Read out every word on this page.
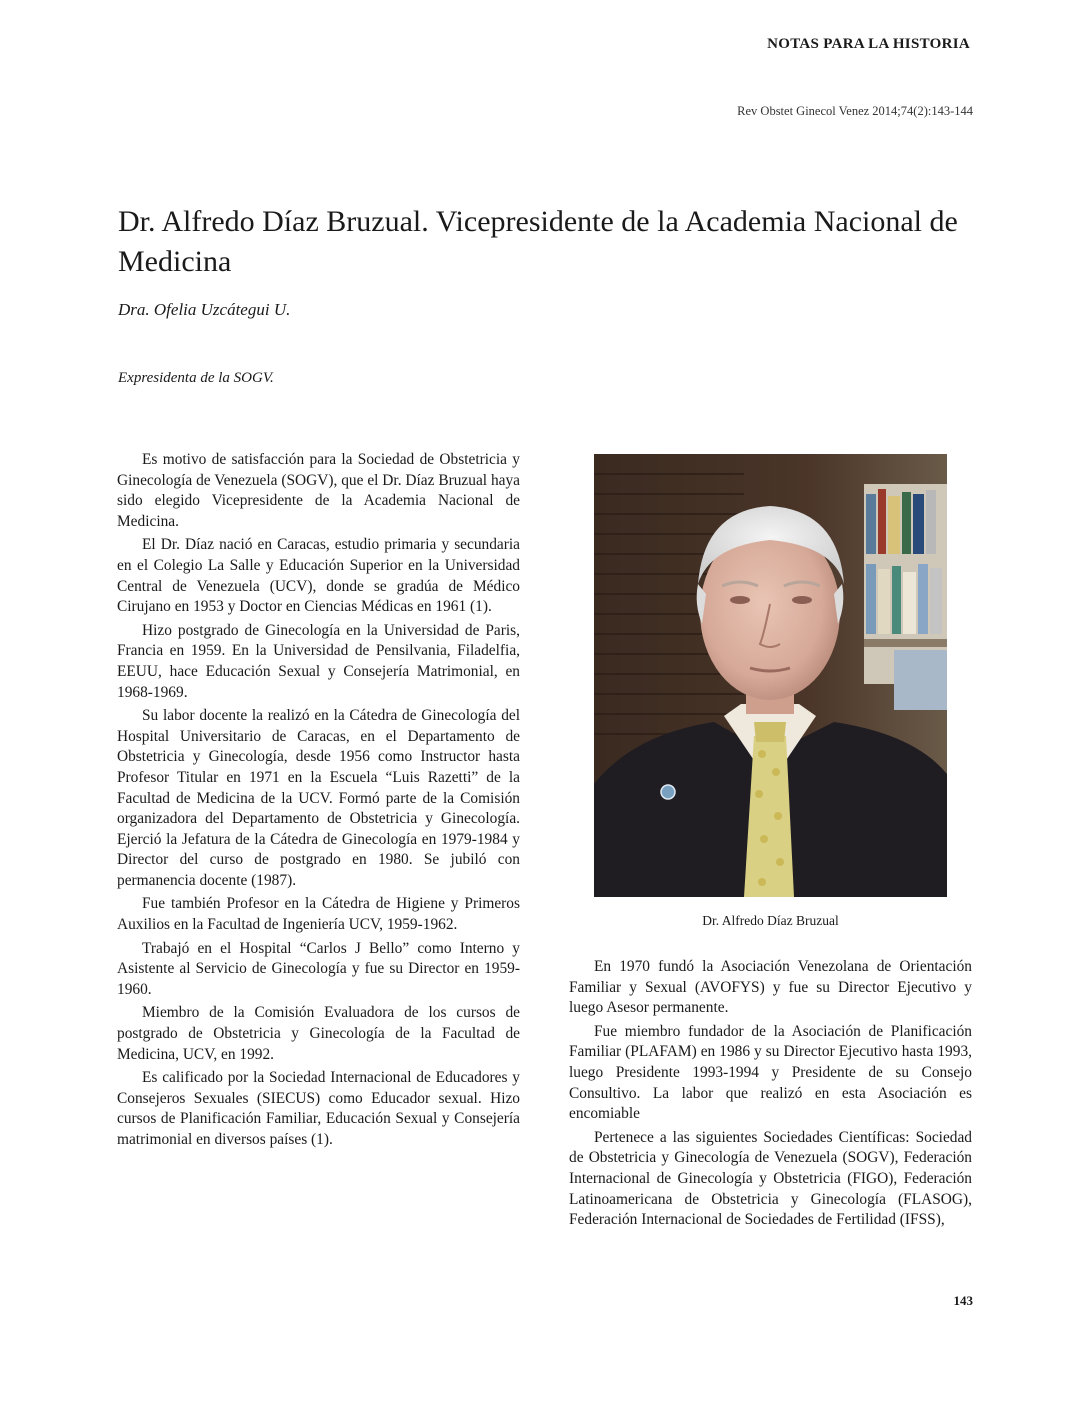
NOTAS PARA LA HISTORIA
Rev Obstet Ginecol Venez 2014;74(2):143-144
Dr. Alfredo Díaz Bruzual. Vicepresidente de la Academia Nacional de Medicina
Dra. Ofelia Uzcátegui U.
Expresidenta de la SOGV.

Es motivo de satisfacción para la Sociedad de Obstetricia y Ginecología de Venezuela (SOGV), que el Dr. Díaz Bruzual haya sido elegido Vicepresidente de la Academia Nacional de Medicina.

El Dr. Díaz nació en Caracas, estudio primaria y secundaria en el Colegio La Salle y Educación Superior en la Universidad Central de Venezuela (UCV), donde se gradúa de Médico Cirujano en 1953 y Doctor en Ciencias Médicas en 1961 (1).

Hizo postgrado de Ginecología en la Universidad de Paris, Francia en 1959. En la Universidad de Pensilvania, Filadelfia, EEUU, hace Educación Sexual y Consejería Matrimonial, en 1968-1969.

Su labor docente la realizó en la Cátedra de Ginecología del Hospital Universitario de Caracas, en el Departamento de Obstetricia y Ginecología, desde 1956 como Instructor hasta Profesor Titular en 1971 en la Escuela “Luis Razetti” de la Facultad de Medicina de la UCV. Formó parte de la Comisión organizadora del Departamento de Obstetricia y Ginecología. Ejerció la Jefatura de la Cátedra de Ginecología en 1979-1984 y Director del curso de postgrado en 1980. Se jubiló con permanencia docente (1987).

Fue también Profesor en la Cátedra de Higiene y Primeros Auxilios en la Facultad de Ingeniería UCV, 1959-1962.

Trabajó en el Hospital “Carlos J Bello” como Interno y Asistente al Servicio de Ginecología y fue su Director en 1959-1960.

Miembro de la Comisión Evaluadora de los cursos de postgrado de Obstetricia y Ginecología de la Facultad de Medicina, UCV, en 1992.

Es calificado por la Sociedad Internacional de Educadores y Consejeros Sexuales (SIECUS) como Educador sexual. Hizo cursos de Planificación Familiar, Educación Sexual y Consejería matrimonial en diversos países (1).

Dr. Alfredo Díaz Bruzual

En 1970 fundó la Asociación Venezolana de Orientación Familiar y Sexual (AVOFYS) y fue su Director Ejecutivo y luego Asesor permanente.

Fue miembro fundador de la Asociación de Planificación Familiar (PLAFAM) en 1986 y su Director Ejecutivo hasta 1993, luego Presidente 1993-1994 y Presidente de su Consejo Consultivo. La labor que realizó en esta Asociación es encomiable

Pertenece a las siguientes Sociedades Científicas: Sociedad de Obstetricia y Ginecología de Venezuela (SOGV), Federación Internacional de Ginecología y Obstetricia (FIGO), Federación Latinoamericana de Obstetricia y Ginecología (FLASOG), Federación Internacional de Sociedades de Fertilidad (IFSS),

143
